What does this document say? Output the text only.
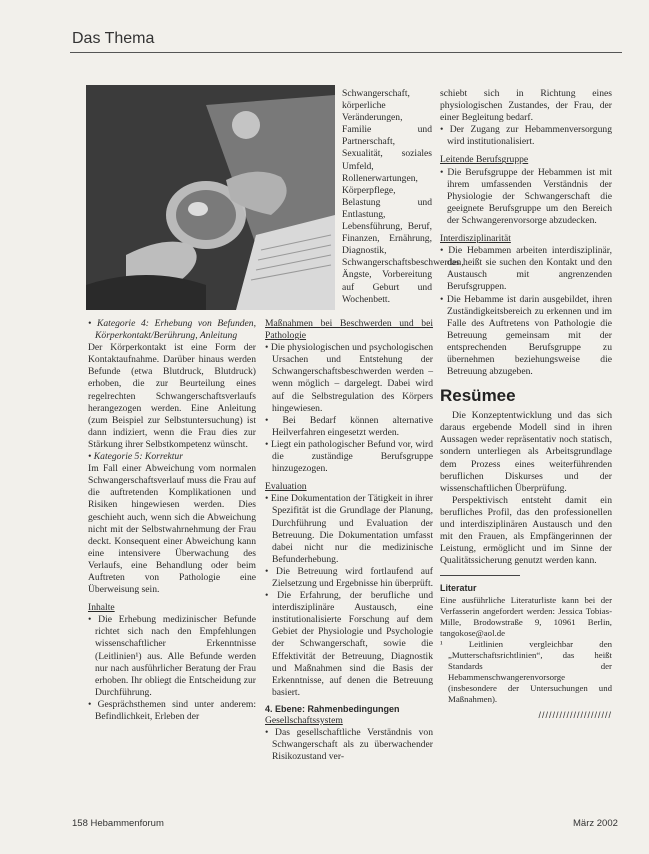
Das Thema

Schwangerschaft, körperliche Veränderungen, Familie und Partnerschaft, Sexualität, soziales Umfeld, Rollenerwartungen, Körperpflege, Belastung und Entlastung, Lebensführung, Beruf, Finanzen, Ernährung, Diagnostik, Schwangerschaftsbeschwerden, Ängste, Vorbereitung auf Geburt und Wochenbett.

• Kategorie 4: Erhebung von Befunden, Körperkontakt/Berührung, Anleitung

Der Körperkontakt ist eine Form der Kontaktaufnahme. Darüber hinaus werden Befunde (etwa Blutdruck, Blutdruck) erhoben, die zur Beurteilung eines regelrechten Schwangerschaftsverlaufs herangezogen werden. Eine Anleitung (zum Beispiel zur Selbstuntersuchung) ist dann indiziert, wenn die Frau dies zur Stärkung ihrer Selbstkompetenz wünscht.

• Kategorie 5: Korrektur

Im Fall einer Abweichung vom normalen Schwangerschaftsverlauf muss die Frau auf die auftretenden Komplikationen und Risiken hingewiesen werden. Dies geschieht auch, wenn sich die Abweichung nicht mit der Selbstwahrnehmung der Frau deckt. Konsequent einer Abweichung kann eine intensivere Überwachung des Verlaufs, eine Behandlung oder beim Auftreten von Pathologie eine Überweisung sein.

Inhalte

• Die Erhebung medizinischer Befunde richtet sich nach den Empfehlungen wissenschaftlicher Erkenntnisse (Leitlinien¹) aus. Alle Befunde werden nur nach ausführlicher Beratung der Frau erhoben. Ihr obliegt die Entscheidung zur Durchführung.

• Gesprächsthemen sind unter anderem: Befindlichkeit, Erleben der

Maßnahmen bei Beschwerden und bei Pathologie

• Die physiologischen und psychologischen Ursachen und Entstehung der Schwangerschaftsbeschwerden werden – wenn möglich – dargelegt. Dabei wird auf die Selbstregulation des Körpers hingewiesen.

• Bei Bedarf können alternative Heilverfahren eingesetzt werden.

• Liegt ein pathologischer Befund vor, wird die zuständige Berufsgruppe hinzugezogen.

Evaluation

• Eine Dokumentation der Tätigkeit in ihrer Spezifität ist die Grundlage der Planung, Durchführung und Evaluation der Betreuung. Die Dokumentation umfasst dabei nicht nur die medizinische Befunderhebung.

• Die Betreuung wird fortlaufend auf Zielsetzung und Ergebnisse hin überprüft.

• Die Erfahrung, der berufliche und interdisziplinäre Austausch, eine institutionalisierte Forschung auf dem Gebiet der Physiologie und Psychologie der Schwangerschaft, sowie die Effektivität der Betreuung, Diagnostik und Maßnahmen sind die Basis der Erkenntnisse, auf denen die Betreuung basiert.

4. Ebene: Rahmenbedingungen

Gesellschaftssystem

• Das gesellschaftliche Verständnis von Schwangerschaft als zu überwachender Risikozustand ver-

schiebt sich in Richtung eines physiologischen Zustandes, der Frau, der einer Begleitung bedarf.

• Der Zugang zur Hebammenversorgung wird institutionalisiert.

Leitende Berufsgruppe

• Die Berufsgruppe der Hebammen ist mit ihrem umfassenden Verständnis der Physiologie der Schwangerschaft die geeignete Berufsgruppe um den Bereich der Schwangerenvorsorge abzudecken.

Interdisziplinarität

• Die Hebammen arbeiten interdisziplinär, das heißt sie suchen den Kontakt und den Austausch mit angrenzenden Berufsgruppen.

• Die Hebamme ist darin ausgebildet, ihren Zuständigkeitsbereich zu erkennen und im Falle des Auftretens von Pathologie die Betreuung gemeinsam mit der entsprechenden Berufsgruppe zu übernehmen beziehungsweise die Betreuung abzugeben.

Resümee

Die Konzeptentwicklung und das sich daraus ergebende Modell sind in ihren Aussagen weder repräsentativ noch statisch, sondern unterliegen als Arbeitsgrundlage dem Prozess eines weiterführenden beruflichen Diskurses und der wissenschaftlichen Überprüfung.

Perspektivisch entsteht damit ein berufliches Profil, das den professionellen und interdisziplinären Austausch und den mit den Frauen, als Empfängerinnen der Leistung, ermöglicht und im Sinne der Qualitätssicherung genutzt werden kann.

Literatur

Eine ausführliche Literaturliste kann bei der Verfasserin angefordert werden: Jessica Tobias-Mille, Brodowstraße 9, 10961 Berlin, tangokose@aol.de

¹ Leitlinien vergleichbar den „Mutterschaftsrichtlinien“, das heißt Standards der Hebammenschwangerenvorsorge (insbesondere der Untersuchungen und Maßnahmen).

/////////////////////
158 Hebammenforum	März 2002
